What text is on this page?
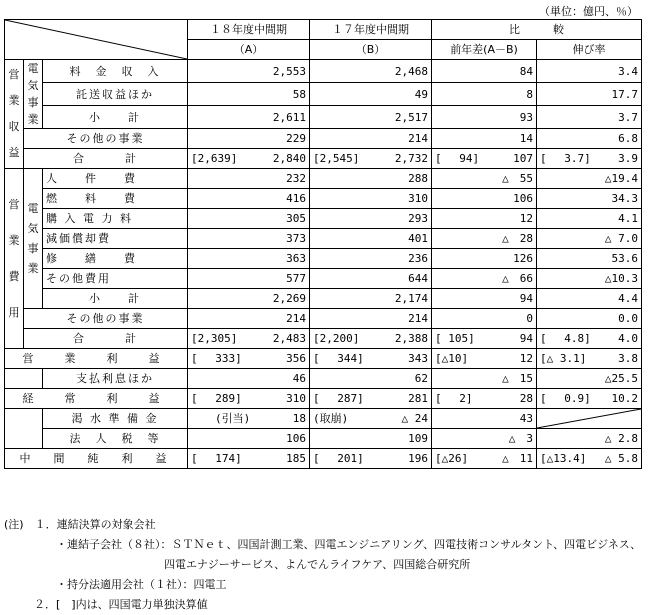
（単位：億円、％）
	１８年度中間期	１７年度中間期	比　　　較	
			（A）	（B）	前年差(A－B)	伸び率
営業収益	電気事業	料　金　収　入	2,553	2,468	84	3.4
		託送収益ほか	58	49	8	17.7
		小　　計	2,611	2,517	93	3.7
	その他の事業		229	214	14	6.8
	合　　　計		[2,639] 2,840	[2,545] 2,732	[　 94] 107	[　 3.7] 3.9

営業費用	電気事業	人　　件　　費	232	288	△　55	△19.4
		燃　　料　　費	416	310	106	34.3
		購 入 電 力 料	305	293	12	4.1
		減価償却費	373	401	△　28	△ 7.0
		修　　繕　　費	363	236	126	53.6
		その他費用	577	644	△　66	△10.3
		小　　計	2,269	2,174	94	4.4
	その他の事業		214	214	0	0.0
	合　　　計		[2,305] 2,483	[2,200] 2,388	[ 105] 94	[　 4.8] 4.0

営　業　利　益			[　 333] 356	[　 344] 343	[△10] 12	[△ 3.1] 3.8

		支払利息ほか	46	62	△　15	△25.5
経　常　利　益			[　 289] 310	[　 287] 281	[　 2] 28	[　 0.9] 10.2

		渇 水 準 備 金	(引当) 18	(取崩) △ 24	43	

		法　人　税　等	106	109	△　3	△ 2.8
中　間　純　利　益			[　 174] 185	[　 201] 196	[△26] △　11	[△13.4] △ 5.8
(注)　１．連結決算の対象会社
・連結子会社（８社）：ＳＴＮｅｔ、四国計測工業、四電エンジニアリング、四電技術コンサルタント、四電ビジネス、
四電エナジーサービス、よんでんライフケア、四国総合研究所
・持分法適用会社（１社）：四電工
２．[　]内は、四国電力単独決算値
